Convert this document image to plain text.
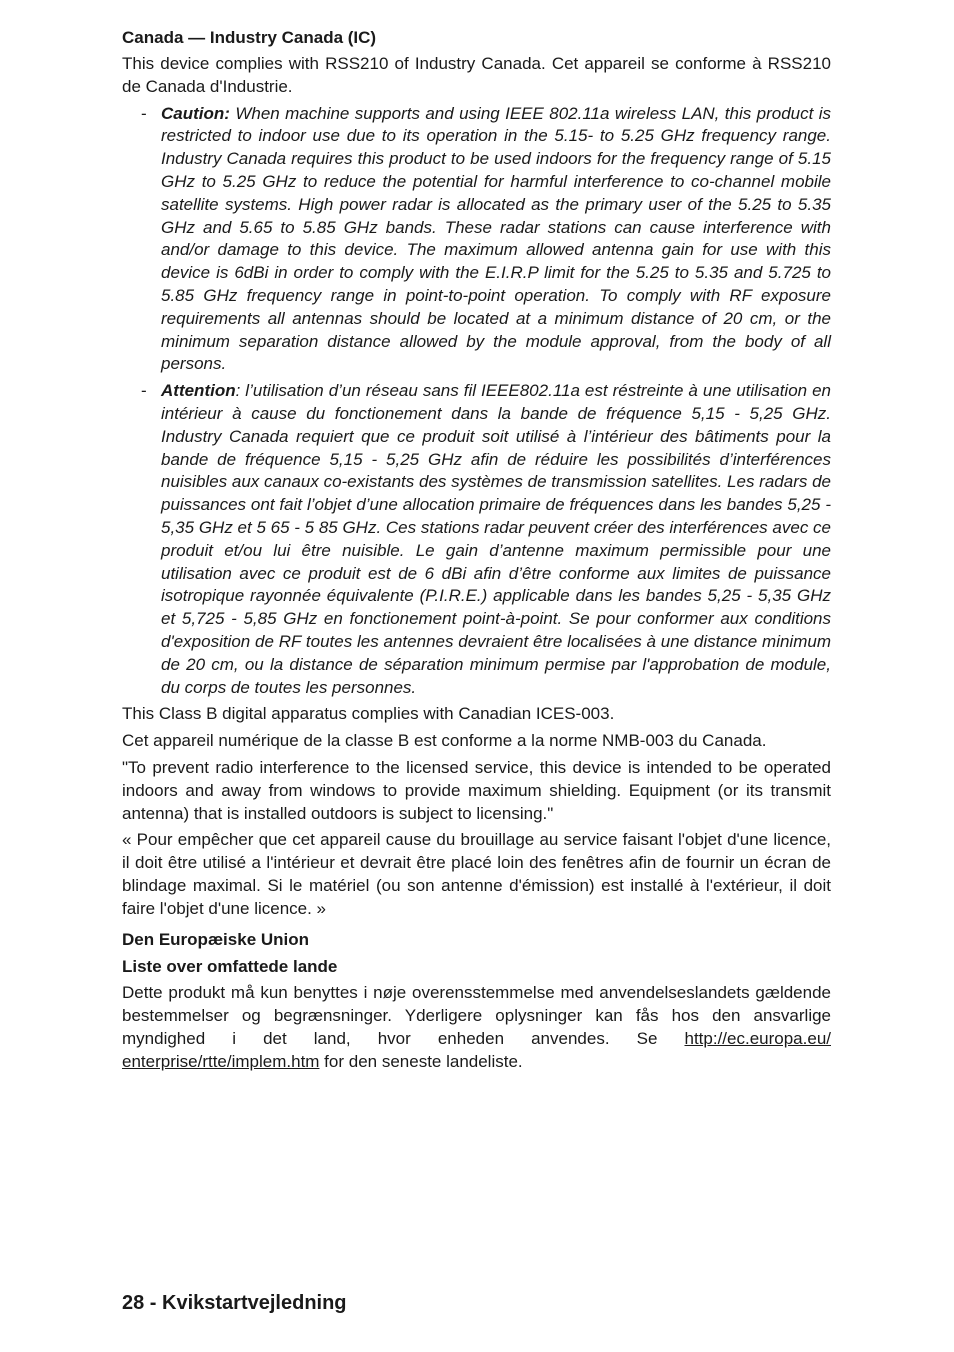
Canada — Industry Canada (IC)
This device complies with RSS210 of Industry Canada. Cet appareil se conforme à RSS210 de Canada d'Industrie.
- Caution: When machine supports and using IEEE 802.11a wireless LAN, this product is restricted to indoor use due to its operation in the 5.15- to 5.25 GHz frequency range. Industry Canada requires this product to be used indoors for the frequency range of 5.15 GHz to 5.25 GHz to reduce the potential for harmful interference to co-channel mobile satellite systems. High power radar is allocated as the primary user of the 5.25 to 5.35 GHz and 5.65 to 5.85 GHz bands. These radar stations can cause interference with and/or damage to this device. The maximum allowed antenna gain for use with this device is 6dBi in order to comply with the E.I.R.P limit for the 5.25 to 5.35 and 5.725 to 5.85 GHz frequency range in point-to-point operation. To comply with RF exposure requirements all antennas should be located at a minimum distance of 20 cm, or the minimum separation distance allowed by the module approval, from the body of all persons.
- Attention: l’utilisation d’un réseau sans fil IEEE802.11a est réstreinte à une utilisation en intérieur à cause du fonctionement dans la bande de fréquence 5,15 - 5,25 GHz. Industry Canada requiert que ce produit soit utilisé à l’intérieur des bâtiments pour la bande de fréquence 5,15 - 5,25 GHz afin de réduire les possibilités d’interférences nuisibles aux canaux co-existants des systèmes de transmission satellites. Les radars de puissances ont fait l’objet d’une allocation primaire de fréquences dans les bandes 5,25 - 5,35 GHz et 5 65 - 5 85 GHz. Ces stations radar peuvent créer des interférences avec ce produit et/ou lui être nuisible. Le gain d’antenne maximum permissible pour une utilisation avec ce produit est de 6 dBi afin d’être conforme aux limites de puissance isotropique rayonnée équivalente (P.I.R.E.) applicable dans les bandes 5,25 - 5,35 GHz et 5,725 - 5,85 GHz en fonctionement point-à-point. Se pour conformer aux conditions d'exposition de RF toutes les antennes devraient être localisées à une distance minimum de 20 cm, ou la distance de séparation minimum permise par l'approbation de module, du corps de toutes les personnes.
This Class B digital apparatus complies with Canadian ICES-003.
Cet appareil numérique de la classe B est conforme a la norme NMB-003 du Canada.
"To prevent radio interference to the licensed service, this device is intended to be operated indoors and away from windows to provide maximum shielding. Equipment (or its transmit antenna) that is installed outdoors is subject to licensing."
« Pour empêcher que cet appareil cause du brouillage au service faisant l'objet d'une licence, il doit être utilisé a l'intérieur et devrait être placé loin des fenêtres afin de fournir un écran de blindage maximal. Si le matériel (ou son antenne d'émission) est installé à l'extérieur, il doit faire l'objet d'une licence. »
Den Europæiske Union
Liste over omfattede lande
Dette produkt må kun benyttes i nøje overensstemmelse med anvendelseslandets gældende bestemmelser og begrænsninger. Yderligere oplysninger kan fås hos den ansvarlige myndighed i det land, hvor enheden anvendes. Se http://ec.europa.eu/ enterprise/rtte/implem.htm for den seneste landeliste.
28 - Kvikstartvejledning
